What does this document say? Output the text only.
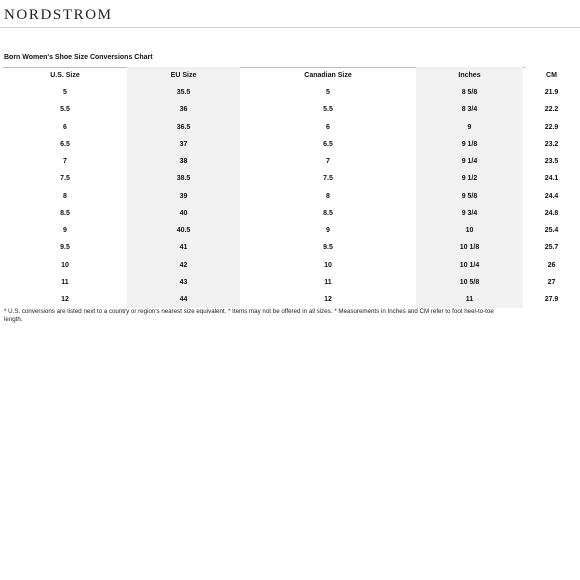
NORDSTROM
Born Women's Shoe Size Conversions Chart
U.S. Size	EU Size	Canadian Size	Inches	CM
5	35.5	5	8 5/8	21.9
5.5	36	5.5	8 3/4	22.2
6	36.5	6	9	22.9
6.5	37	6.5	9 1/8	23.2
7	38	7	9 1/4	23.5
7.5	38.5	7.5	9 1/2	24.1
8	39	8	9 5/8	24.4
8.5	40	8.5	9 3/4	24.8
9	40.5	9	10	25.4
9.5	41	9.5	10 1/8	25.7
10	42	10	10 1/4	26
11	43	11	10 5/8	27
12	44	12	11	27.9
* U.S. conversions are listed next to a country or region's nearest size equivalent. * Items may not be offered in all sizes. * Measurements in Inches and CM refer to foot heel-to-toe
length.
